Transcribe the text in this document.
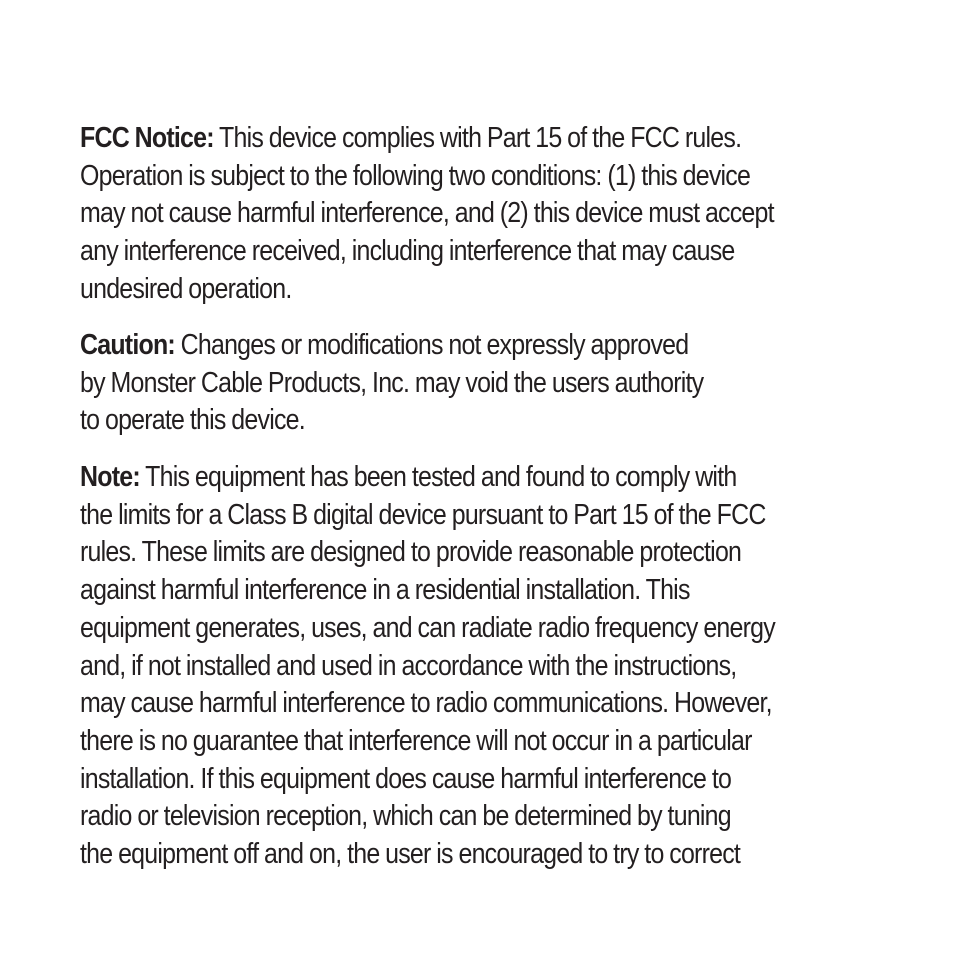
FCC Notice: This device complies with Part 15 of the FCC rules.
Operation is subject to the following two conditions: (1) this device
may not cause harmful interference, and (2) this device must accept
any interference received, including interference that may cause
undesired operation.

Caution: Changes or modifications not expressly approved
by Monster Cable Products, Inc. may void the users authority
to operate this device.

Note: This equipment has been tested and found to comply with
the limits for a Class B digital device pursuant to Part 15 of the FCC
rules. These limits are designed to provide reasonable protection
against harmful interference in a residential installation. This
equipment generates, uses, and can radiate radio frequency energy
and, if not installed and used in accordance with the instructions,
may cause harmful interference to radio communications. However,
there is no guarantee that interference will not occur in a particular
installation. If this equipment does cause harmful interference to
radio or television reception, which can be determined by tuning
the equipment off and on, the user is encouraged to try to correct
